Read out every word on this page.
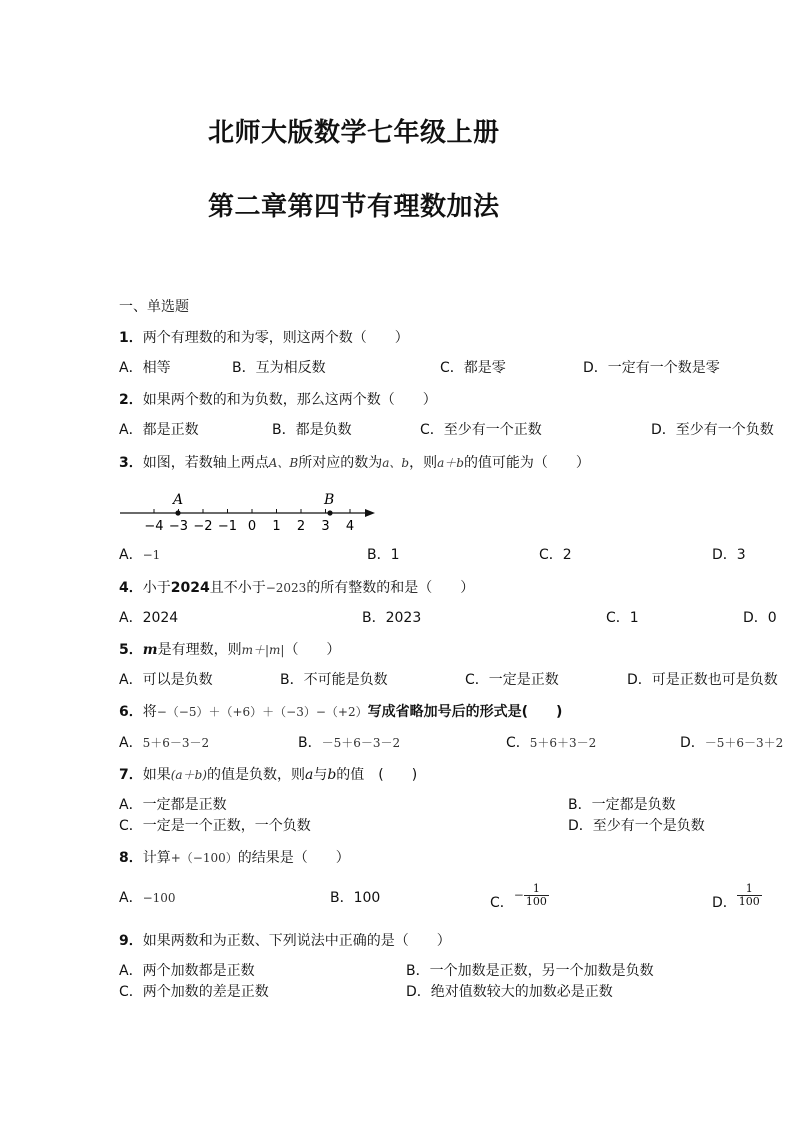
北师大版数学七年级上册
第二章第四节有理数加法
一、单选题
1．两个有理数的和为零，则这两个数（　　）
A．相等	B．互为相反数	C．都是零	D．一定有一个数是零
2．如果两个数的和为负数，那么这两个数（　　）
A．都是正数	B．都是负数	C．至少有一个正数	D．至少有一个负数
3．如图，若数轴上两点A、B所对应的数为a、b，则a＋b的值可能为（　　）
−4 −3 −2 −1 0 1 2 3 4
A	B
A．−1	B．1	C．2	D．3
4．小于2024且不小于−2023的所有整数的和是（　　）
A．2024	B．2023	C．1	D．0
5．m是有理数，则m＋|m|（　　）
A．可以是负数	B．不可能是负数	C．一定是正数	D．可是正数也可是负数
6．将−（−5）＋（+6）＋（−3）−（+2）写成省略加号后的形式是(　　)
A．5＋6－3－2	B．－5＋6－3－2	C．5＋6＋3－2	D．－5＋6－3＋2
7．如果(a＋b)的值是负数，则a与b的值　(　　)
A．一定都是正数	B．一定都是负数
C．一定是一个正数，一个负数	D．至少有一个是负数
8．计算+（−100）的结果是（　　）
A．−100	B．100	C．− $\frac{1}{100}$	D． $\frac{1}{100}$
9．如果两数和为正数、下列说法中正确的是（　　）
A．两个加数都是正数	B．一个加数是正数，另一个加数是负数
C．两个加数的差是正数	D．绝对值数较大的加数必是正数
